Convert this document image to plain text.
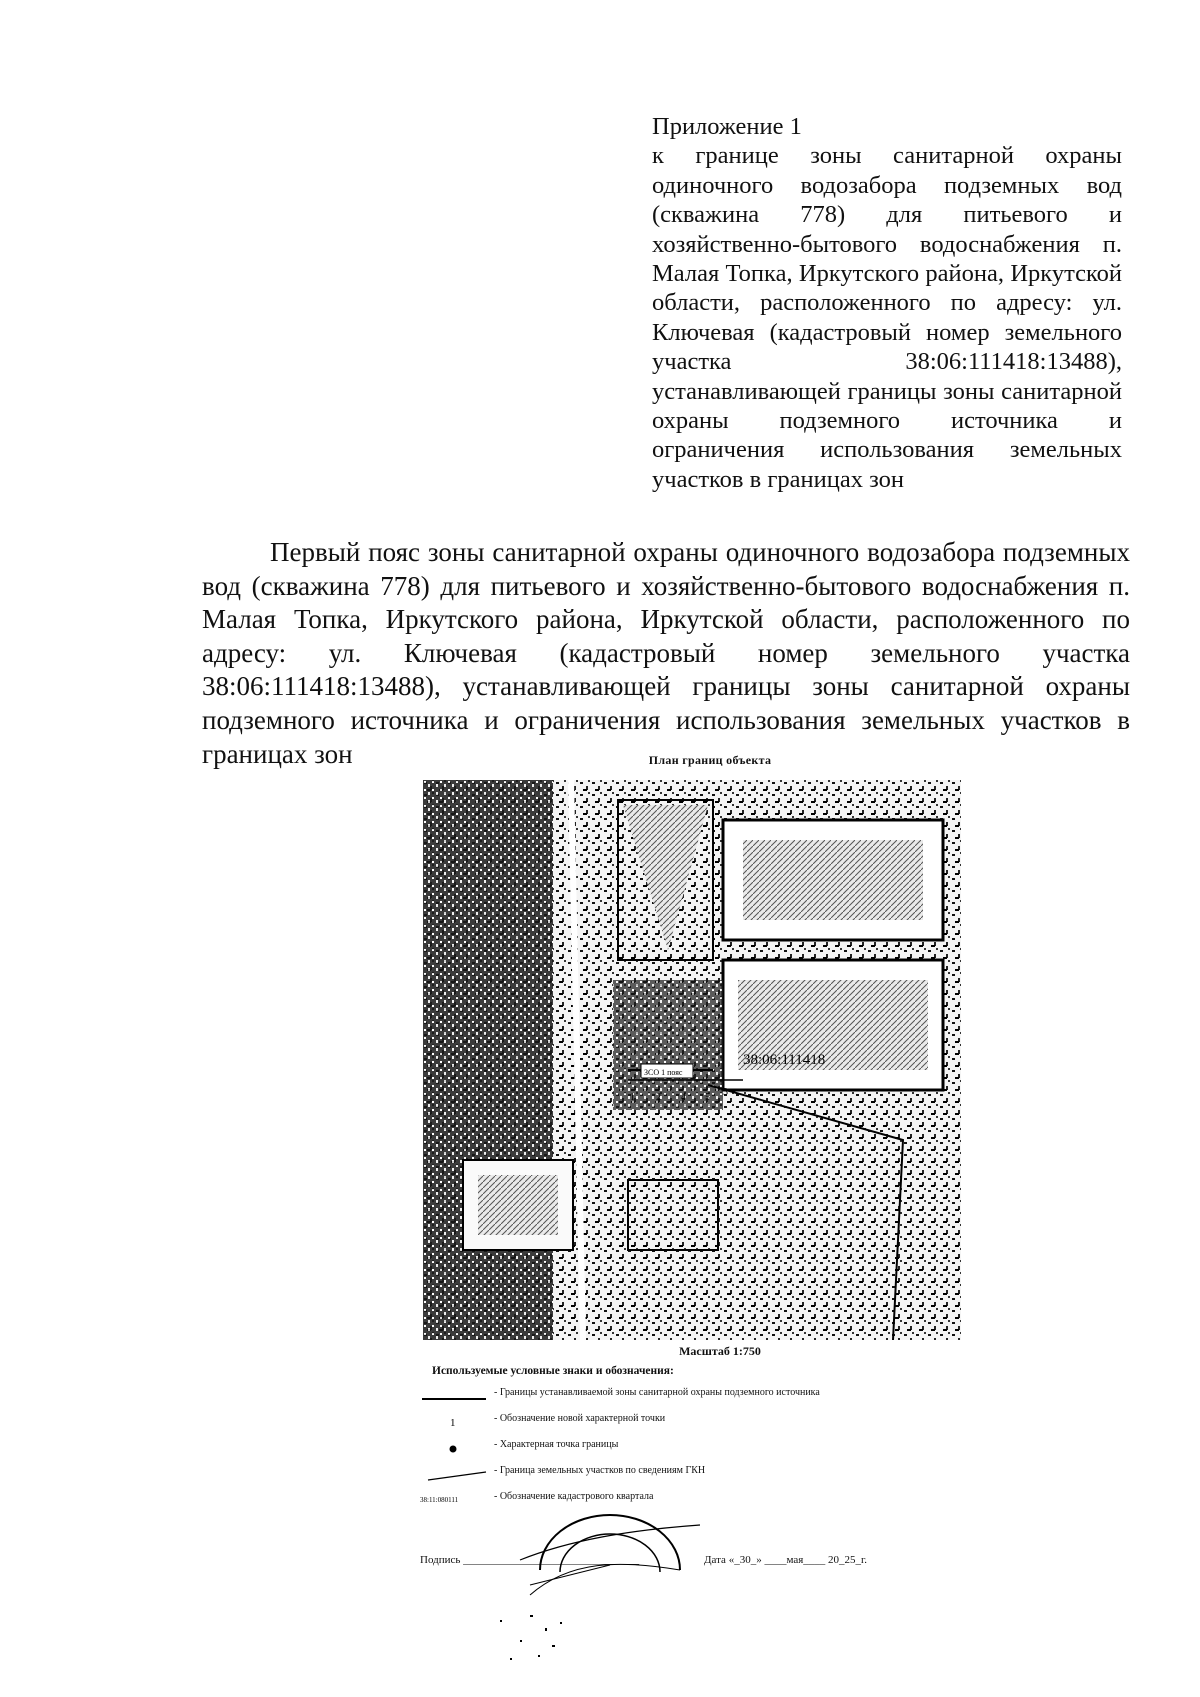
Приложение 1
к границе зоны санитарной охраны одиночного водозабора подземных вод (скважина 778) для питьевого и хозяйственно-бытового водоснабжения п. Малая Топка, Иркутского района, Иркутской области, расположенного по адресу: ул. Ключевая (кадастровый номер земельного участка 38:06:111418:13488), устанавливающей границы зоны санитарной охраны подземного источника и ограничения использования земельных участков в границах зон
Первый пояс зоны санитарной охраны одиночного водозабора подземных вод (скважина 778) для питьевого и хозяйственно-бытового водоснабжения п. Малая Топка, Иркутского района, Иркутской области, расположенного по адресу: ул. Ключевая (кадастровый номер земельного участка 38:06:111418:13488), устанавливающей границы зоны санитарной охраны подземного источника и ограничения использования земельных участков в границах зон	План границ объекта
ЗСО 1 пояс
38:06:111418
1 2	3
4 5
Масштаб 1:750
Используемые условные знаки и обозначения:
- Границы устанавливаемой зоны санитарной охраны подземного источника
1	- Обозначение новой характерной точки
- Характерная точка границы
- Граница земельных участков по сведениям ГКН
38:11:080111	- Обозначение кадастрового квартала
Подпись ________________________________	Дата «_30_» ____мая____ 20_25_г.
